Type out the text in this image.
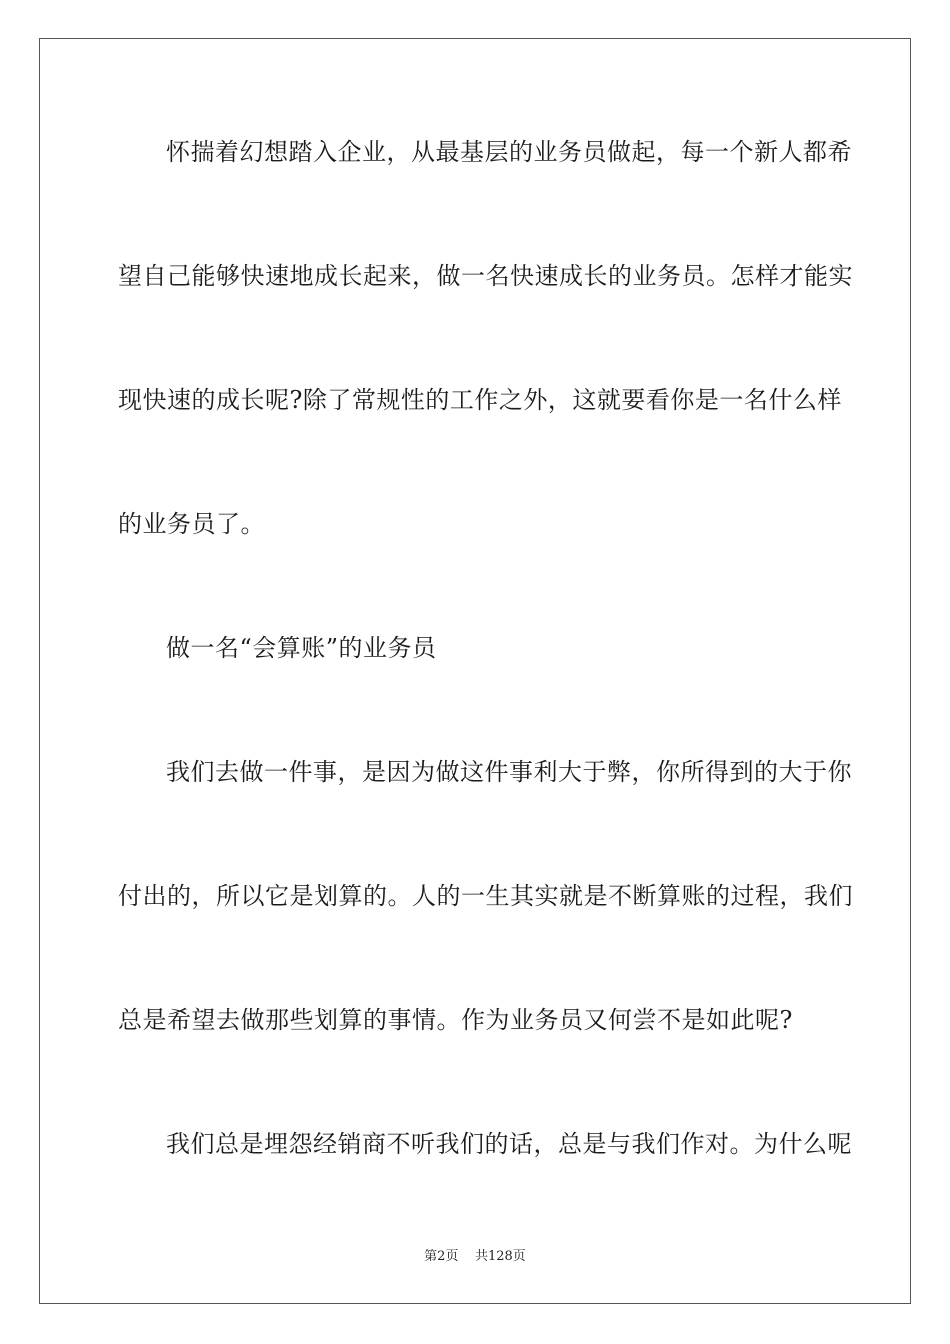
怀揣着幻想踏入企业，从最基层的业务员做起，每一个新人都希
望自己能够快速地成长起来，做一名快速成长的业务员。怎样才能实
现快速的成长呢?除了常规性的工作之外，这就要看你是一名什么样
的业务员了。
做一名“会算账”的业务员
我们去做一件事，是因为做这件事利大于弊，你所得到的大于你
付出的，所以它是划算的。人的一生其实就是不断算账的过程，我们
总是希望去做那些划算的事情。作为业务员又何尝不是如此呢?
我们总是埋怨经销商不听我们的话，总是与我们作对。为什么呢
第2页 共128页
